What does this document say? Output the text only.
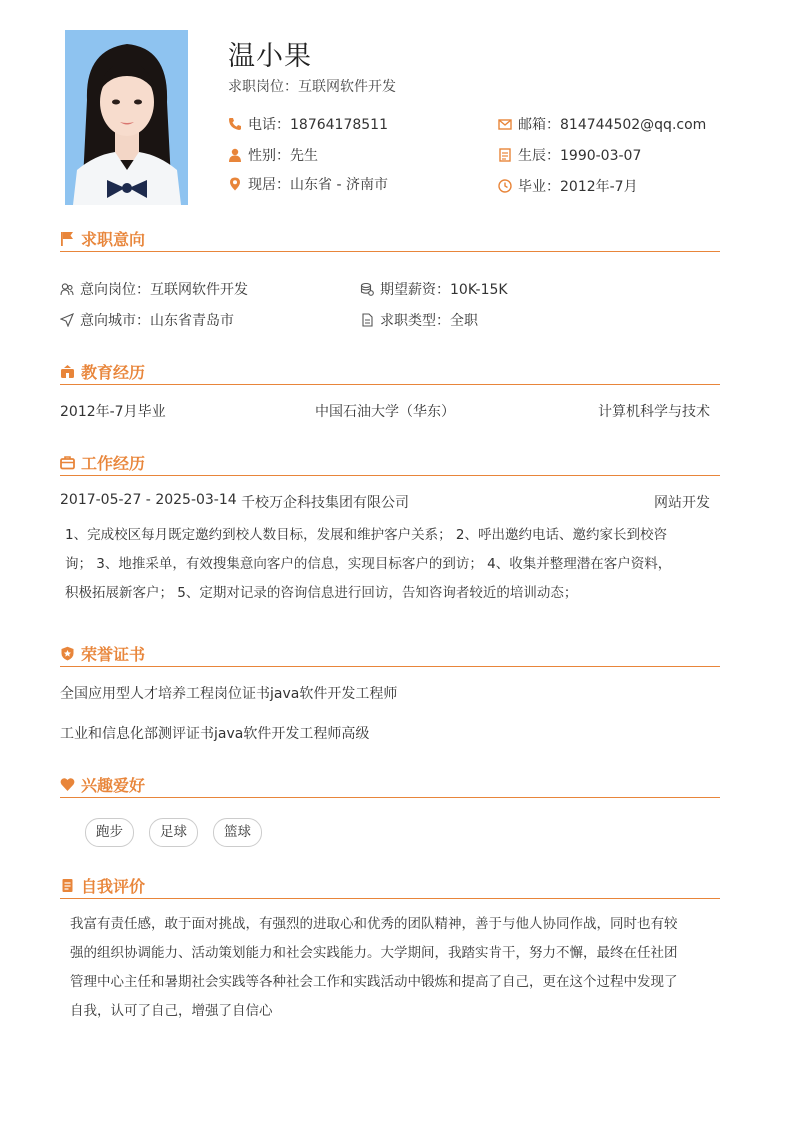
温小果
求职岗位：互联网软件开发
电话：18764178511
性别：先生
现居：山东省 - 济南市
邮箱：814744502@qq.com
生辰：1990-03-07
毕业：2012年-7月
求职意向
意向岗位：互联网软件开发
意向城市：山东省青岛市
期望薪资：10K-15K
求职类型：全职
教育经历
2012年-7月毕业	中国石油大学（华东）	计算机科学与技术
工作经历
2017-05-27 - 2025-03-14 千校万企科技集团有限公司	网站开发
1、完成校区每月既定邀约到校人数目标，发展和维护客户关系； 2、呼出邀约电话、邀约家长到校咨
询； 3、地推采单，有效搜集意向客户的信息，实现目标客户的到访； 4、收集并整理潜在客户资料，
积极拓展新客户； 5、定期对记录的咨询信息进行回访，告知咨询者较近的培训动态；
荣誉证书
全国应用型人才培养工程岗位证书java软件开发工程师
工业和信息化部测评证书java软件开发工程师高级
兴趣爱好
跑步	足球	篮球
自我评价
我富有责任感，敢于面对挑战，有强烈的进取心和优秀的团队精神，善于与他人协同作战，同时也有较
强的组织协调能力、活动策划能力和社会实践能力。大学期间，我踏实肯干，努力不懈，最终在任社团
管理中心主任和暑期社会实践等各种社会工作和实践活动中锻炼和提高了自己，更在这个过程中发现了
自我，认可了自己，增强了自信心
